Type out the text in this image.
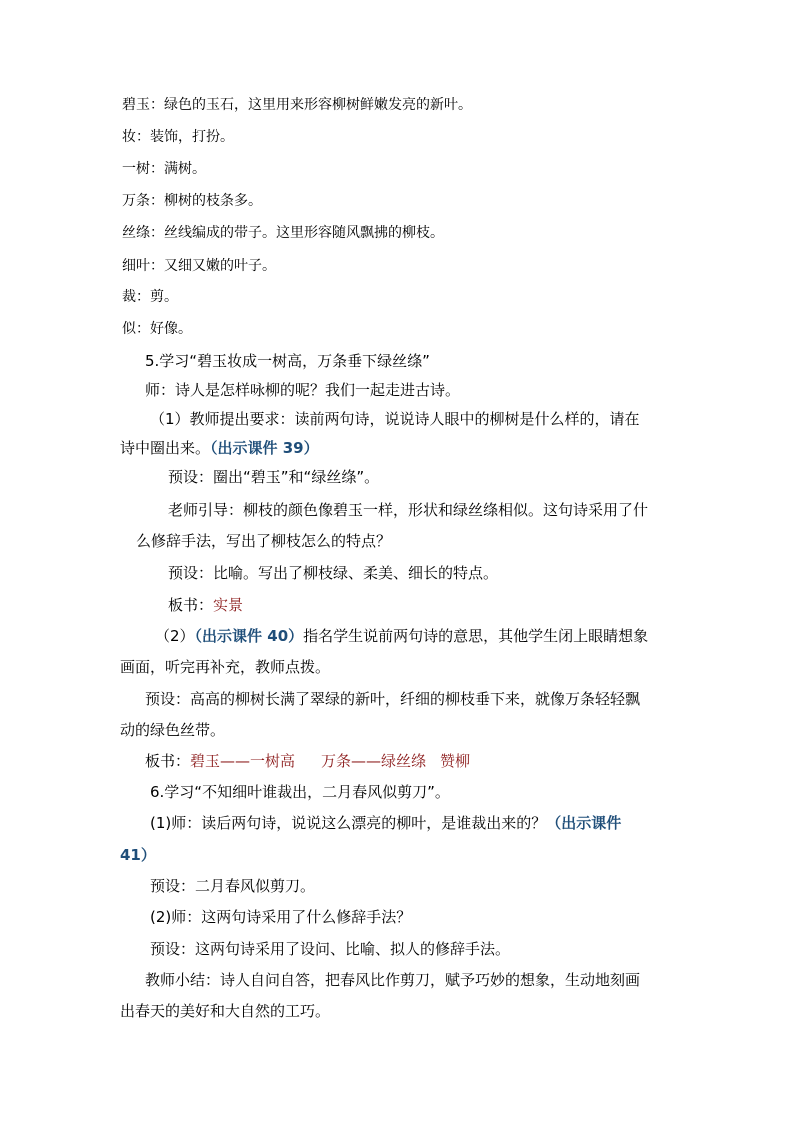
碧玉：绿色的玉石，这里用来形容柳树鲜嫩发亮的新叶。
妆：装饰，打扮。
一树：满树。
万条：柳树的枝条多。
丝绦：丝线编成的带子。这里形容随风飘拂的柳枝。
细叶：又细又嫩的叶子。
裁：剪。
似：好像。
5.学习“碧玉妆成一树高，万条垂下绿丝绦”
师：诗人是怎样咏柳的呢？我们一起走进古诗。
（1）教师提出要求：读前两句诗，说说诗人眼中的柳树是什么样的，请在
诗中圈出来。（出示课件 39）
预设：圈出“碧玉”和“绿丝绦”。
老师引导：柳枝的颜色像碧玉一样，形状和绿丝绦相似。这句诗采用了什
么修辞手法，写出了柳枝怎么的特点？
预设：比喻。写出了柳枝绿、柔美、细长的特点。
板书：实景
（2）（出示课件 40）指名学生说前两句诗的意思，其他学生闭上眼睛想象
画面，听完再补充，教师点拨。
预设：高高的柳树长满了翠绿的新叶，纤细的柳枝垂下来，就像万条轻轻飘
动的绿色丝带。
板书：碧玉——一树高 万条——绿丝绦 赞柳
6.学习“不知细叶谁裁出，二月春风似剪刀”。
(1)师：读后两句诗，说说这么漂亮的柳叶，是谁裁出来的？（出示课件
41）
预设：二月春风似剪刀。
(2)师：这两句诗采用了什么修辞手法？
预设：这两句诗采用了设问、比喻、拟人的修辞手法。
教师小结：诗人自问自答，把春风比作剪刀，赋予巧妙的想象，生动地刻画
出春天的美好和大自然的工巧。
